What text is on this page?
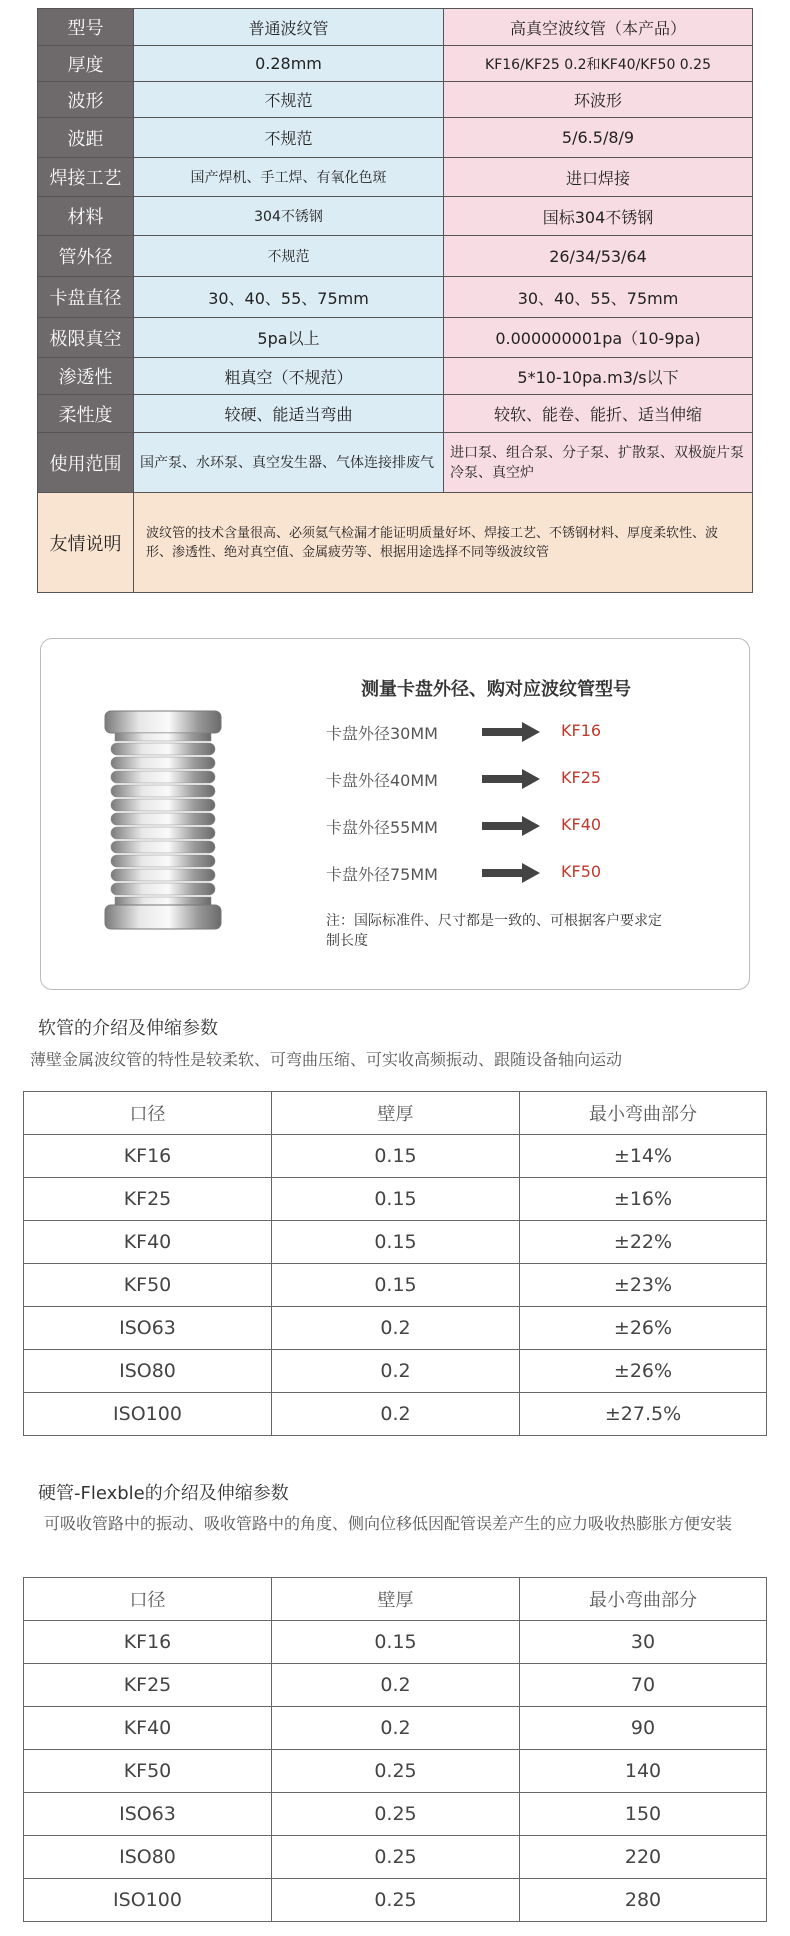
型号	普通波纹管	高真空波纹管（本产品）
厚度	0.28mm	KF16/KF25 0.2和KF40/KF50 0.25
波形	不规范	环波形
波距	不规范	5/6.5/8/9
焊接工艺	国产焊机、手工焊、有氧化色斑	进口焊接
材料	304不锈钢	国标304不锈钢
管外径	不规范	26/34/53/64
卡盘直径	30、40、55、75mm	30、40、55、75mm
极限真空	5pa以上	0.000000001pa（10-9pa)
渗透性	粗真空（不规范）	5*10-10pa.m3/s以下
柔性度	较硬、能适当弯曲	较软、能卷、能折、适当伸缩
使用范围	国产泵、水环泵、真空发生器、气体连接排废气	进口泵、组合泵、分子泵、扩散泵、双极旋片泵冷泵、真空炉
友情说明	波纹管的技术含量很高、必须氦气检漏才能证明质量好坏、焊接工艺、不锈钢材料、厚度柔软性、波形、渗透性、绝对真空值、金属疲劳等、根据用途选择不同等级波纹管	
测量卡盘外径、购对应波纹管型号
卡盘外径30MM	KF16
卡盘外径40MM	KF25
卡盘外径55MM	KF40
卡盘外径75MM	KF50
注：国际标准件、尺寸都是一致的、可根据客户要求定制长度
软管的介绍及伸缩参数
薄壁金属波纹管的特性是较柔软、可弯曲压缩、可实收高频振动、跟随设备轴向运动
口径	壁厚	最小弯曲部分
KF16	0.15	±14%
KF25	0.15	±16%
KF40	0.15	±22%
KF50	0.15	±23%
ISO63	0.2	±26%
ISO80	0.2	±26%
ISO100	0.2	±27.5%
硬管-Flexble的介绍及伸缩参数
可吸收管路中的振动、吸收管路中的角度、侧向位移低因配管误差产生的应力吸收热膨胀方便安装
口径	壁厚	最小弯曲部分
KF16	0.15	30
KF25	0.2	70
KF40	0.2	90
KF50	0.25	140
ISO63	0.25	150
ISO80	0.25	220
ISO100	0.25	280
